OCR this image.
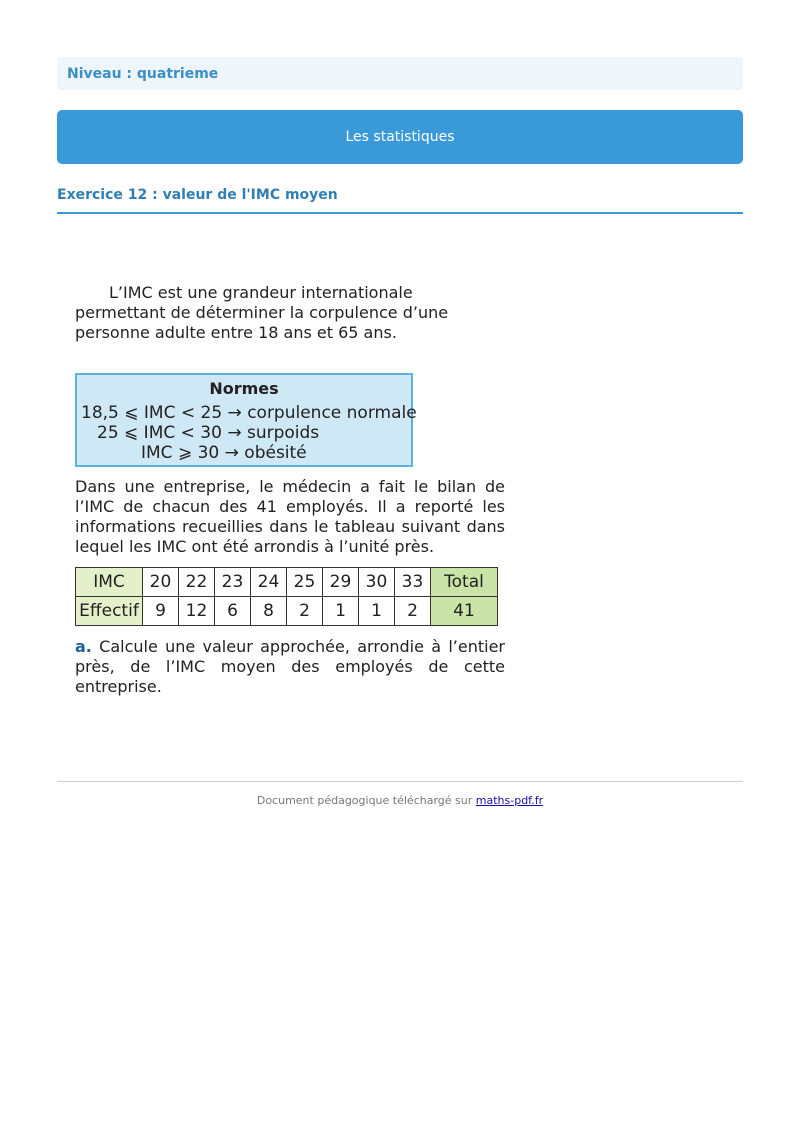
Niveau : quatrieme
Les statistiques
Exercice 12 : valeur de l'IMC moyen

L’IMC est une grandeur internationale permettant de déterminer la corpulence d’une personne adulte entre 18 ans et 65 ans.

Normes
18,5 ⩽ IMC < 25 → corpulence normale
25 ⩽ IMC < 30 → surpoids
IMC ⩾ 30 → obésité

Dans une entreprise, le médecin a fait le bilan de l’IMC de chacun des 41 employés. Il a reporté les informations recueillies dans le tableau suivant dans lequel les IMC ont été arrondis à l’unité près.

IMC	20	22	23	24	25	29	30	33	Total
Effectif	9	12	6	8	2	1	1	2	41

a. Calcule une valeur approchée, arrondie à l’entier près, de l’IMC moyen des employés de cette entreprise.

Document pédagogique téléchargé sur maths-pdf.fr
